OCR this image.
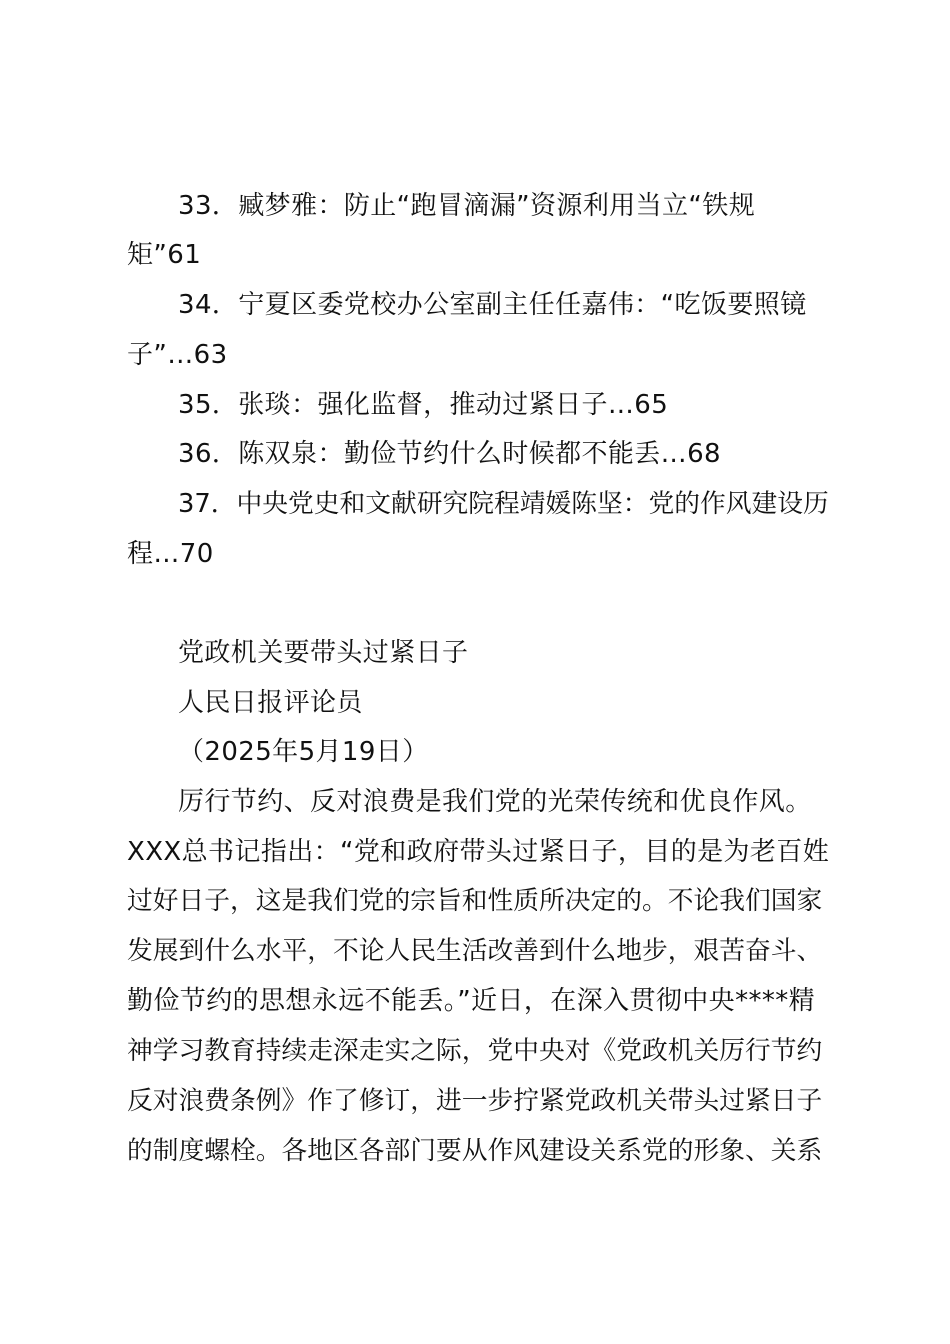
33．臧梦雅：防止“跑冒滴漏”资源利用当立“铁规
矩”61
34．宁夏区委党校办公室副主任任嘉伟：“吃饭要照镜
子”…63
35．张琰：强化监督，推动过紧日子…65
36．陈双泉：勤俭节约什么时候都不能丢…68
37．中央党史和文献研究院程靖媛陈坚：党的作风建设历
程…70
党政机关要带头过紧日子
人民日报评论员
（2025年5月19日）
厉行节约、反对浪费是我们党的光荣传统和优良作风。
XXX总书记指出：“党和政府带头过紧日子，目的是为老百姓
过好日子，这是我们党的宗旨和性质所决定的。不论我们国家
发展到什么水平，不论人民生活改善到什么地步，艰苦奋斗、
勤俭节约的思想永远不能丢。”近日，在深入贯彻中央****精
神学习教育持续走深走实之际，党中央对《党政机关厉行节约
反对浪费条例》作了修订，进一步拧紧党政机关带头过紧日子
的制度螺栓。各地区各部门要从作风建设关系党的形象、关系
